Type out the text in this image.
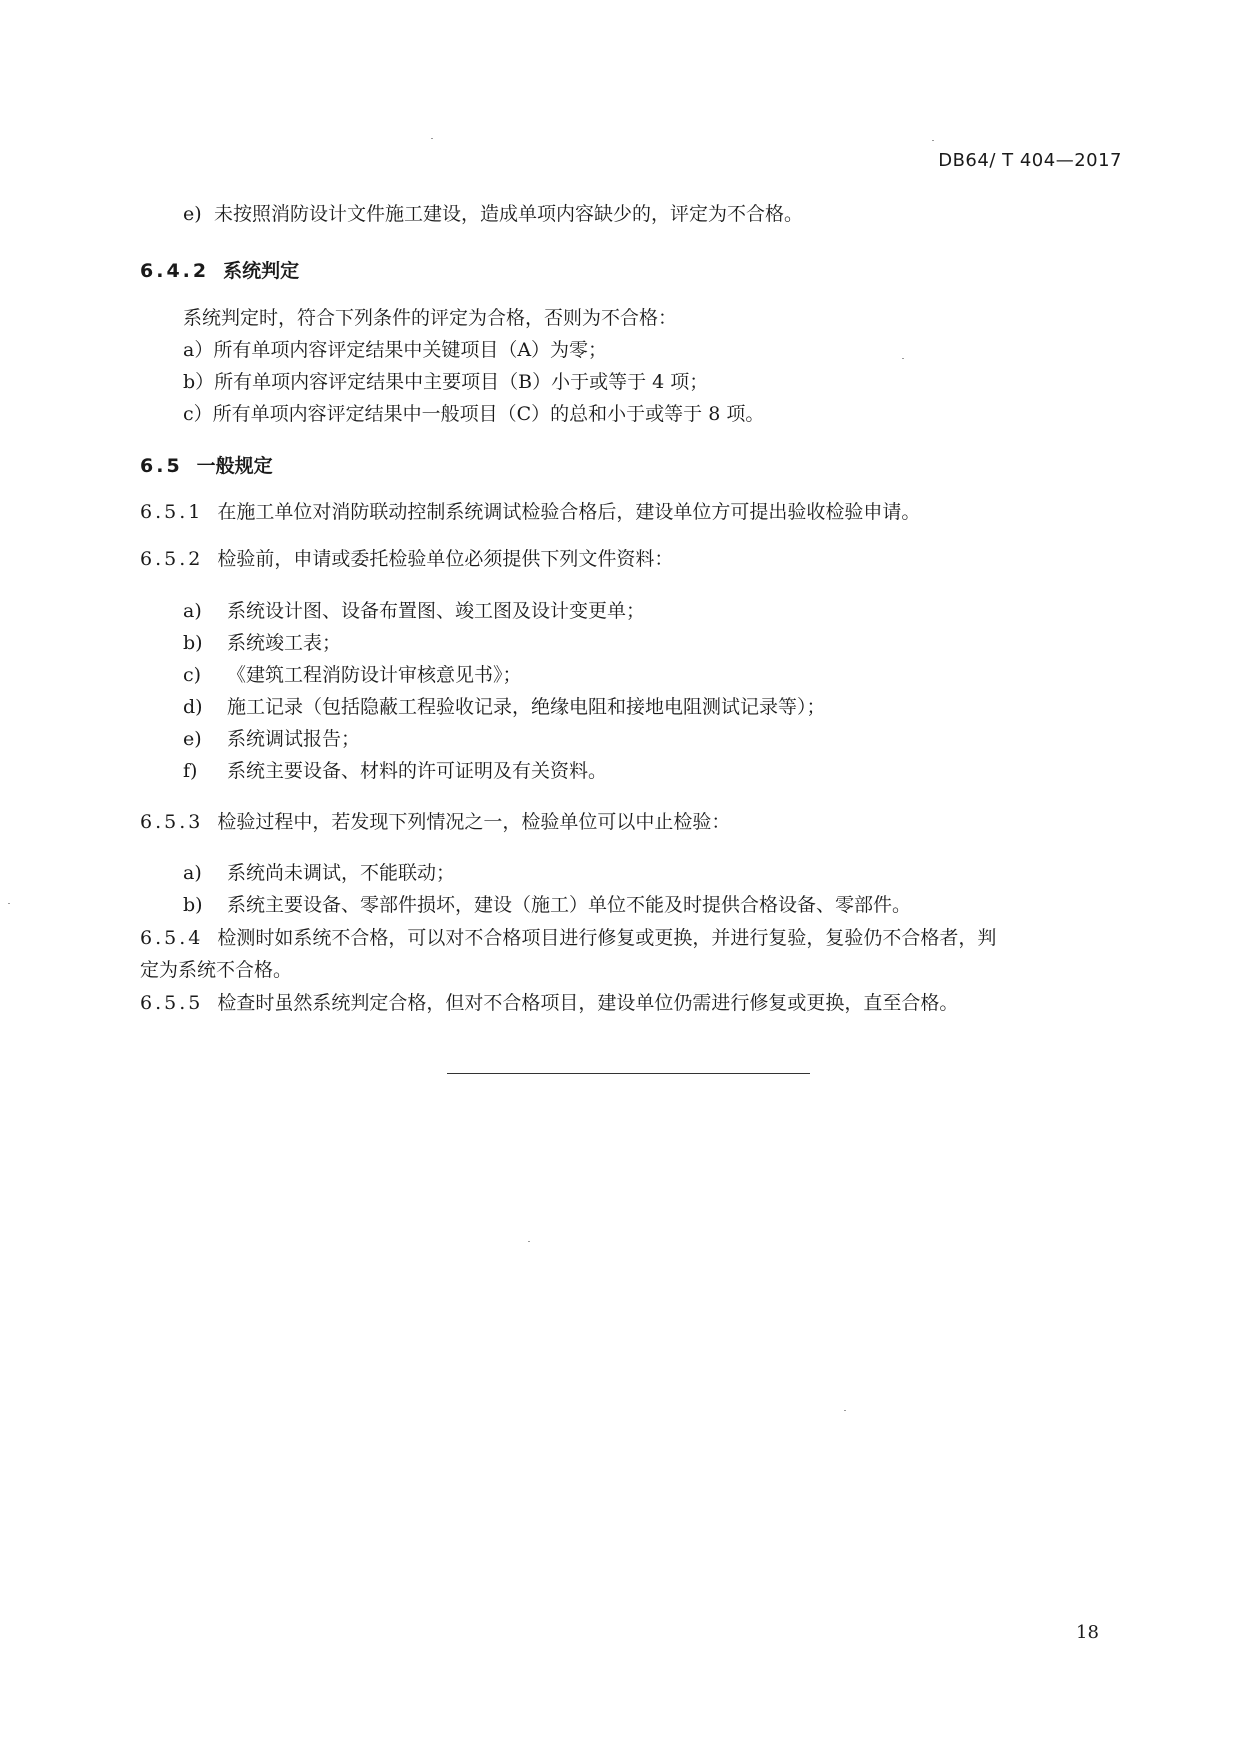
DB64/ T 404—2017
e) 未按照消防设计文件施工建设，造成单项内容缺少的，评定为不合格。
6.4.2 系统判定
系统判定时，符合下列条件的评定为合格，否则为不合格：
a）所有单项内容评定结果中关键项目（A）为零；
b）所有单项内容评定结果中主要项目（B）小于或等于 4 项；
c）所有单项内容评定结果中一般项目（C）的总和小于或等于 8 项。
6.5 一般规定
6.5.1 在施工单位对消防联动控制系统调试检验合格后，建设单位方可提出验收检验申请。
6.5.2 检验前，申请或委托检验单位必须提供下列文件资料：
a) 系统设计图、设备布置图、竣工图及设计变更单；
b) 系统竣工表；
c) 《建筑工程消防设计审核意见书》；
d) 施工记录（包括隐蔽工程验收记录，绝缘电阻和接地电阻测试记录等）；
e) 系统调试报告；
f) 系统主要设备、材料的许可证明及有关资料。
6.5.3 检验过程中，若发现下列情况之一，检验单位可以中止检验：
a) 系统尚未调试，不能联动；
b) 系统主要设备、零部件损坏，建设（施工）单位不能及时提供合格设备、零部件。
6.5.4 检测时如系统不合格，可以对不合格项目进行修复或更换，并进行复验，复验仍不合格者，判
定为系统不合格。
6.5.5 检查时虽然系统判定合格，但对不合格项目，建设单位仍需进行修复或更换，直至合格。
18
